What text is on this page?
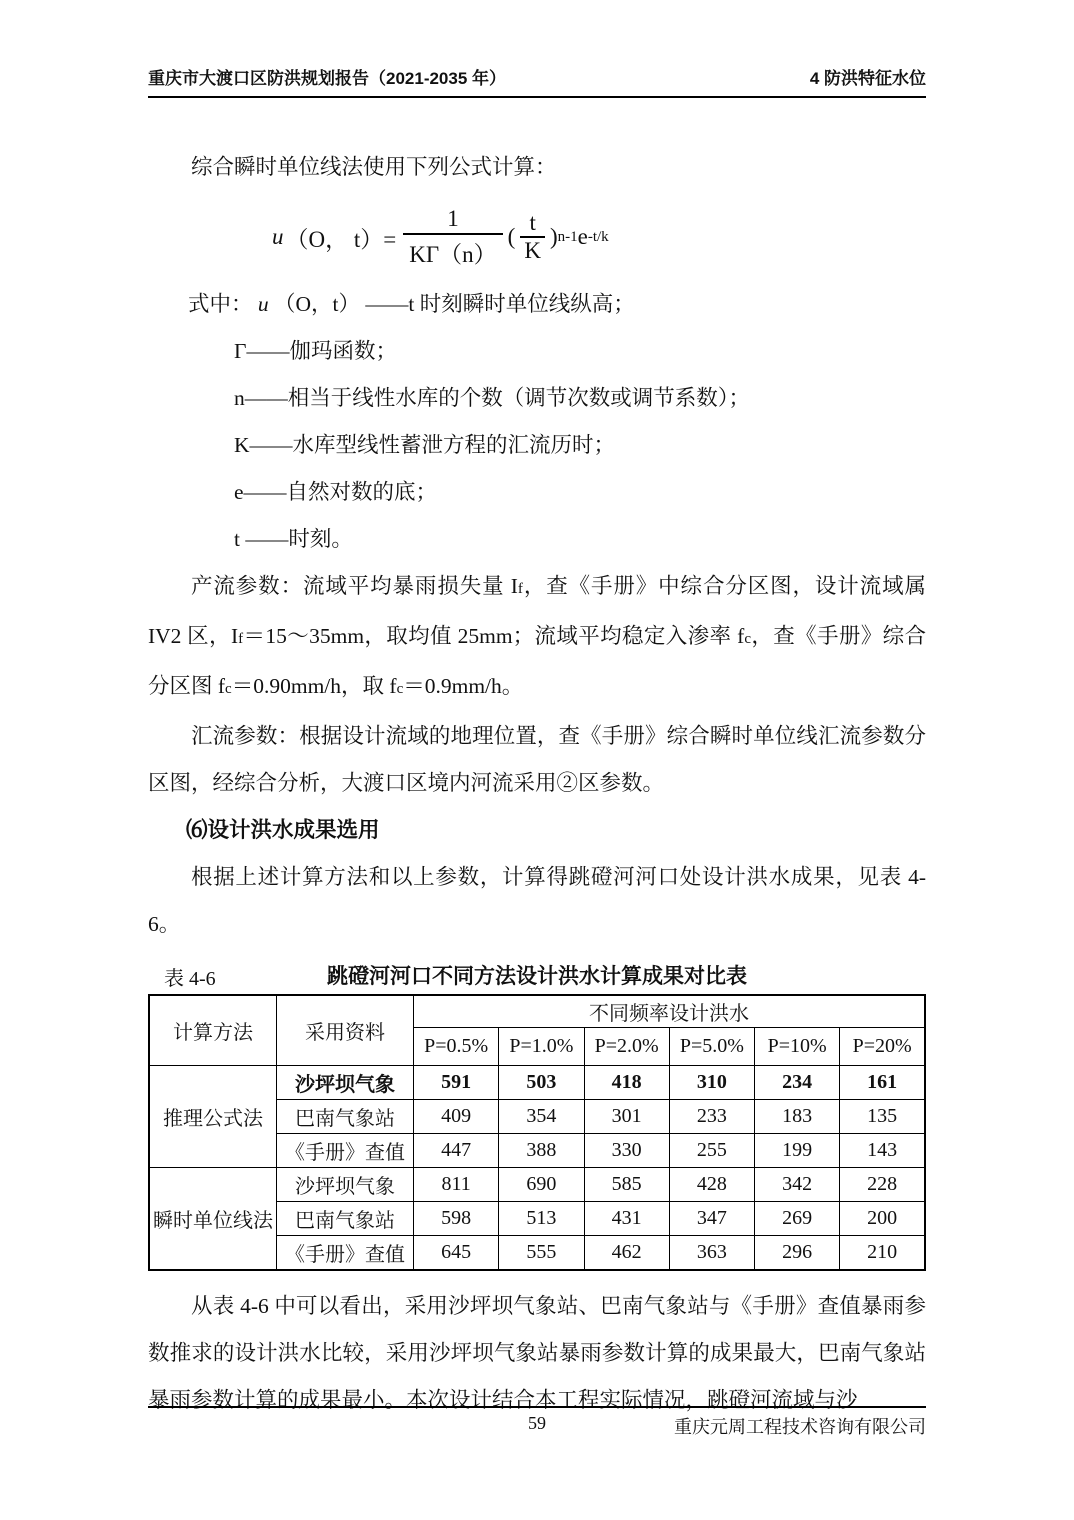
重庆市大渡口区防洪规划报告（2021-2035 年）	4 防洪特征水位

综合瞬时单位线法使用下列公式计算：

u （O， $t)= \frac{1}{K\Gamma(n)}$ ( $\frac{t}{K}$ ) n-1 e -t/k
式中： u （O，t） ——t 时刻瞬时单位线纵高；
Γ——伽玛函数；
n——相当于线性水库的个数（调节次数或调节系数）；
K——水库型线性蓄泄方程的汇流历时；
e——自然对数的底；
t ——时刻。

产流参数：流域平均暴雨损失量 If，查《手册》中综合分区图，设计流域属 IV2 区，If＝15～35mm，取均值 25mm；流域平均稳定入渗率 fc，查《手册》综合分区图 fc＝0.90mm/h，取 fc＝0.9mm/h。

汇流参数：根据设计流域的地理位置，查《手册》综合瞬时单位线汇流参数分区图，经综合分析，大渡口区境内河流采用②区参数。

⑹设计洪水成果选用

根据上述计算方法和以上参数，计算得跳磴河河口处设计洪水成果，见表 4-6。

表 4-6	跳磴河河口不同方法设计洪水计算成果对比表
计算方法	采用资料	不同频率设计洪水					
		P=0.5%	P=1.0%	P=2.0%	P=5.0%	P=10%	P=20%
推理公式法	沙坪坝气象	591	503	418	310	234	161
	巴南气象站	409	354	301	233	183	135
	《手册》查值	447	388	330	255	199	143
瞬时单位线法	沙坪坝气象	811	690	585	428	342	228
	巴南气象站	598	513	431	347	269	200
	《手册》查值	645	555	462	363	296	210

从表 4-6 中可以看出，采用沙坪坝气象站、巴南气象站与《手册》查值暴雨参数推求的设计洪水比较，采用沙坪坝气象站暴雨参数计算的成果最大，巴南气象站暴雨参数计算的成果最小。本次设计结合本工程实际情况，跳磴河流域与沙

59	重庆元周工程技术咨询有限公司
